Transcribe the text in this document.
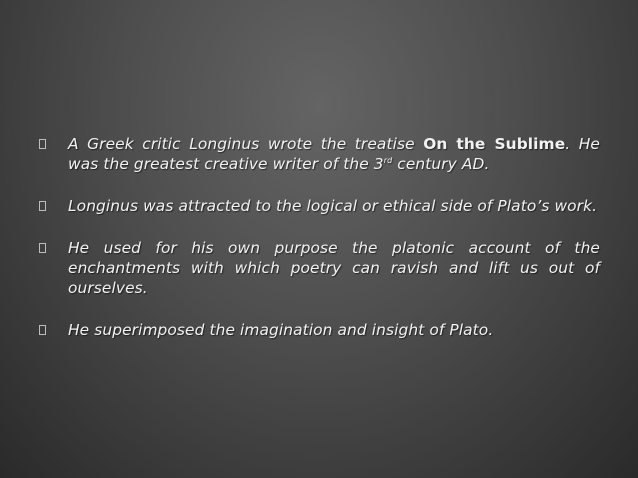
A Greek critic Longinus wrote the treatise On the Sublime. He was the greatest creative writer of the 3rd century AD.
Longinus was attracted to the logical or ethical side of Plato’s work.
He used for his own purpose the platonic account of the enchantments with which poetry can ravish and lift us out of ourselves.
He superimposed the imagination and insight of Plato.
